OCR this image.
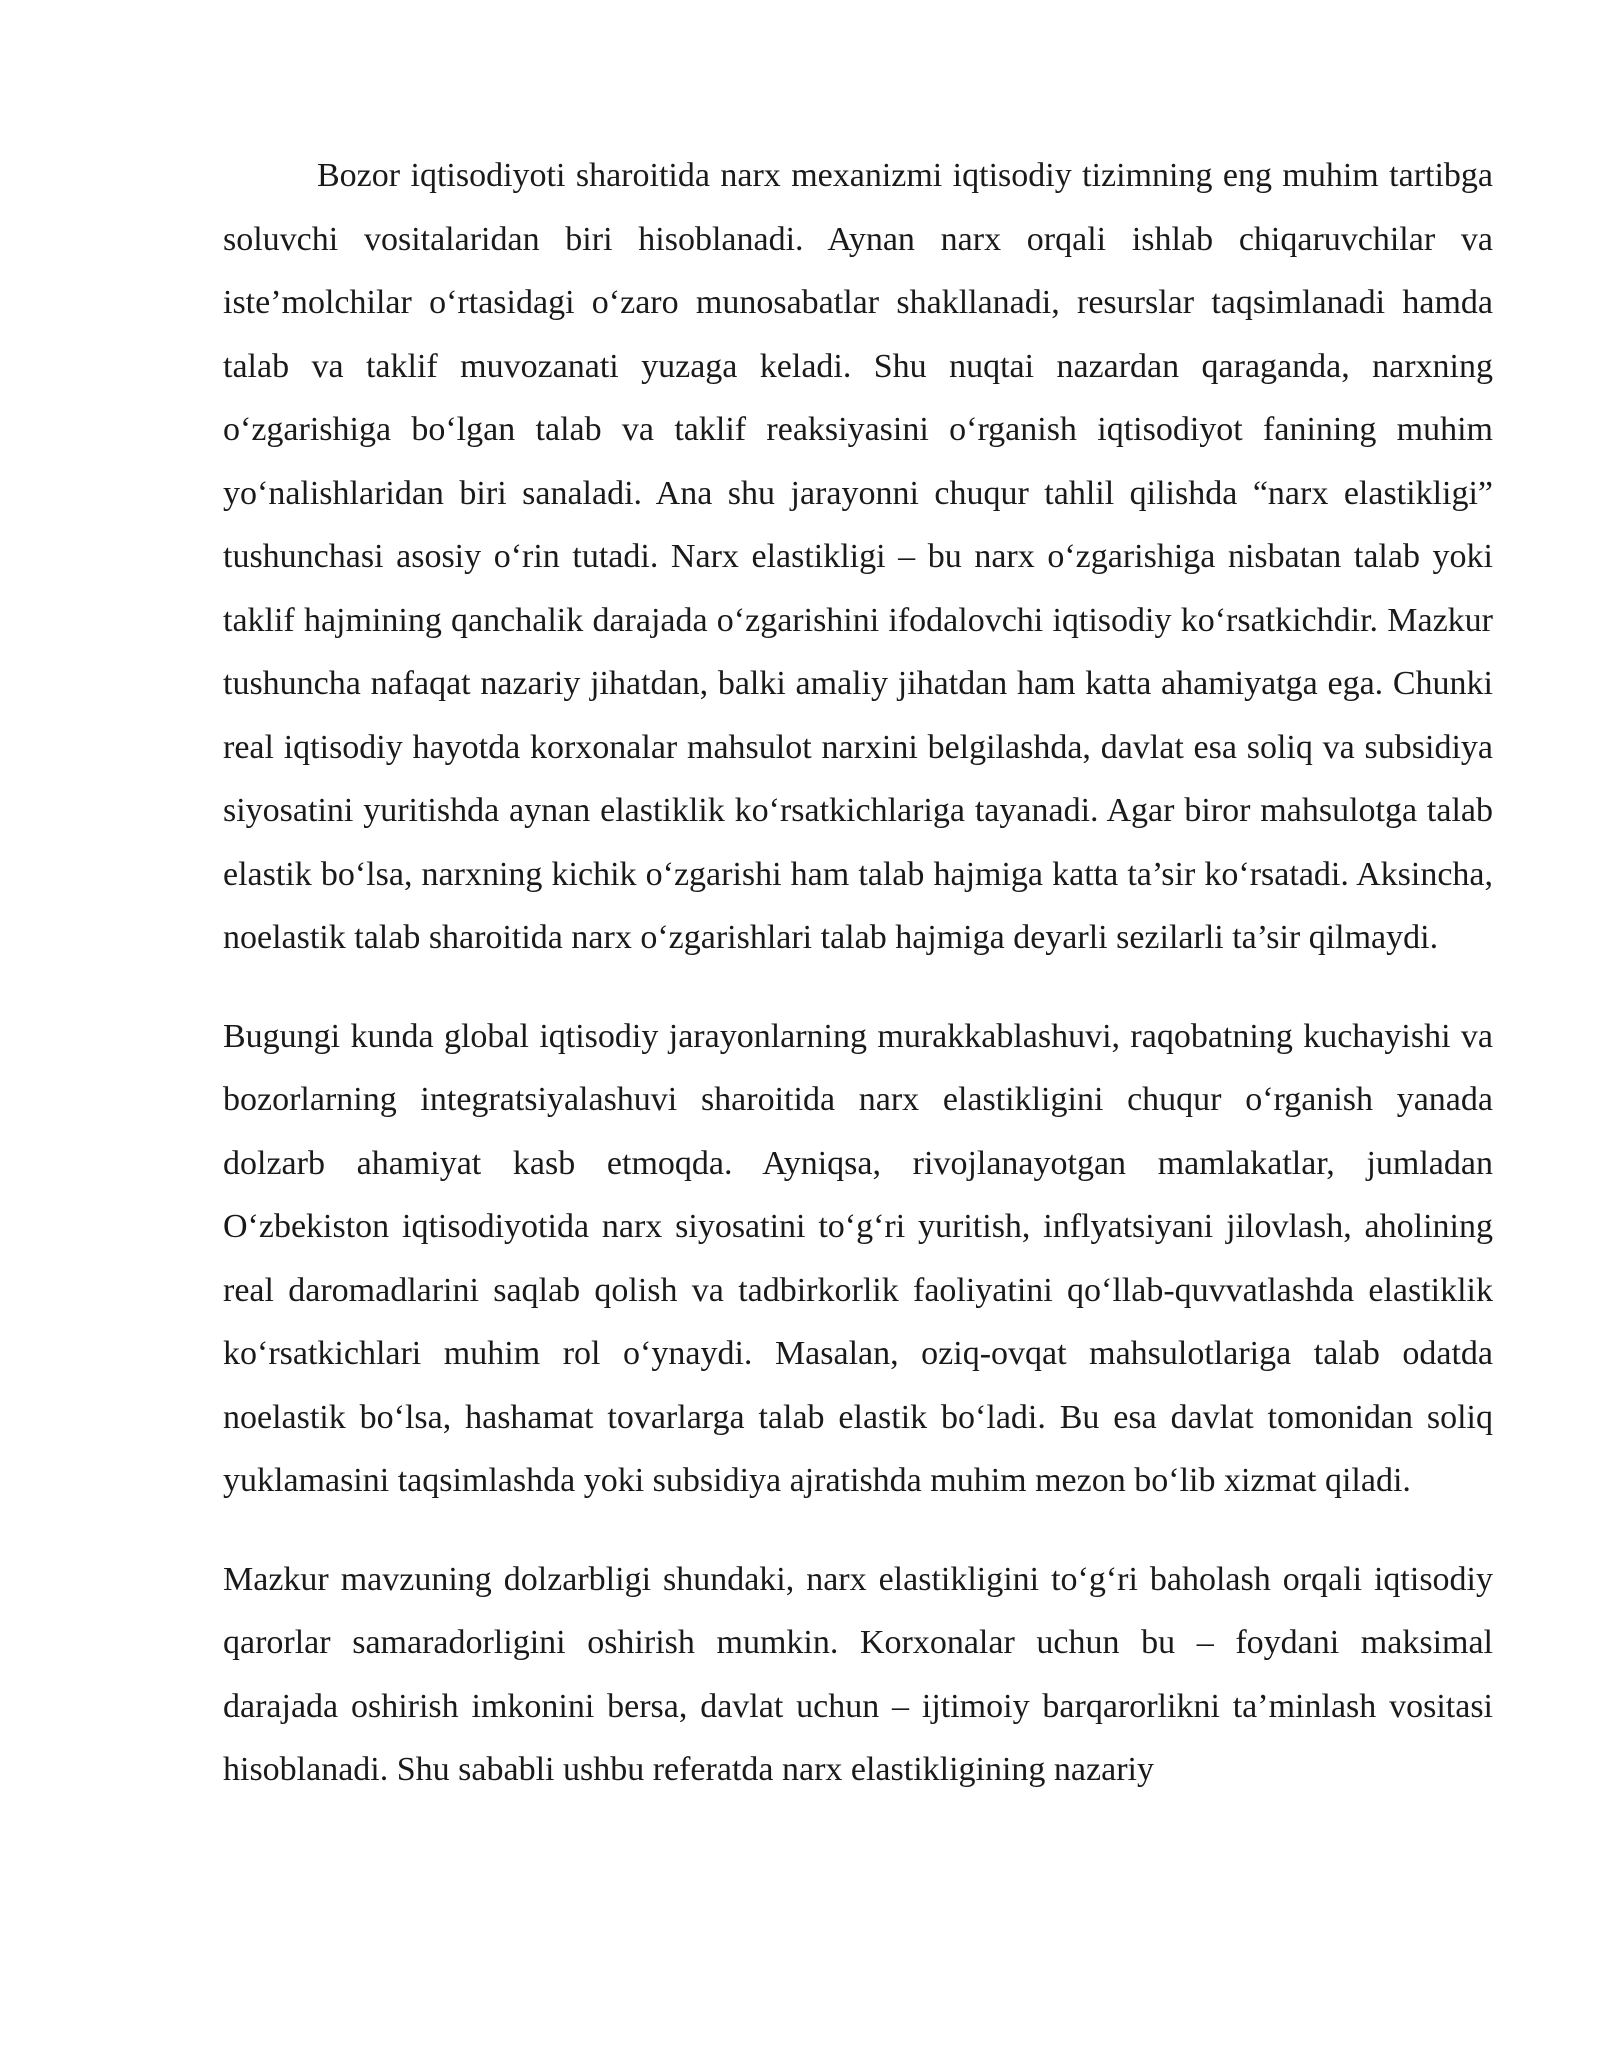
Bozor iqtisodiyoti sharoitida narx mexanizmi iqtisodiy tizimning eng muhim tartibga soluvchi vositalaridan biri hisoblanadi. Aynan narx orqali ishlab chiqaruvchilar va iste’molchilar o‘rtasidagi o‘zaro munosabatlar shakllanadi, resurslar taqsimlanadi hamda talab va taklif muvozanati yuzaga keladi. Shu nuqtai nazardan qaraganda, narxning o‘zgarishiga bo‘lgan talab va taklif reaksiyasini o‘rganish iqtisodiyot fanining muhim yo‘nalishlaridan biri sanaladi. Ana shu jarayonni chuqur tahlil qilishda “narx elastikligi” tushunchasi asosiy o‘rin tutadi. Narx elastikligi – bu narx o‘zgarishiga nisbatan talab yoki taklif hajmining qanchalik darajada o‘zgarishini ifodalovchi iqtisodiy ko‘rsatkichdir. Mazkur tushuncha nafaqat nazariy jihatdan, balki amaliy jihatdan ham katta ahamiyatga ega. Chunki real iqtisodiy hayotda korxonalar mahsulot narxini belgilashda, davlat esa soliq va subsidiya siyosatini yuritishda aynan elastiklik ko‘rsatkichlariga tayanadi. Agar biror mahsulotga talab elastik bo‘lsa, narxning kichik o‘zgarishi ham talab hajmiga katta ta’sir ko‘rsatadi. Aksincha, noelastik talab sharoitida narx o‘zgarishlari talab hajmiga deyarli sezilarli ta’sir qilmaydi.

Bugungi kunda global iqtisodiy jarayonlarning murakkablashuvi, raqobatning kuchayishi va bozorlarning integratsiyalashuvi sharoitida narx elastikligini chuqur o‘rganish yanada dolzarb ahamiyat kasb etmoqda. Ayniqsa, rivojlanayotgan mamlakatlar, jumladan O‘zbekiston iqtisodiyotida narx siyosatini to‘g‘ri yuritish, inflyatsiyani jilovlash, aholining real daromadlarini saqlab qolish va tadbirkorlik faoliyatini qo‘llab-quvvatlashda elastiklik ko‘rsatkichlari muhim rol o‘ynaydi. Masalan, oziq-ovqat mahsulotlariga talab odatda noelastik bo‘lsa, hashamat tovarlarga talab elastik bo‘ladi. Bu esa davlat tomonidan soliq yuklamasini taqsimlashda yoki subsidiya ajratishda muhim mezon bo‘lib xizmat qiladi.

Mazkur mavzuning dolzarbligi shundaki, narx elastikligini to‘g‘ri baholash orqali iqtisodiy qarorlar samaradorligini oshirish mumkin. Korxonalar uchun bu – foydani maksimal darajada oshirish imkonini bersa, davlat uchun – ijtimoiy barqarorlikni ta’minlash vositasi hisoblanadi. Shu sababli ushbu referatda narx elastikligining nazariy
